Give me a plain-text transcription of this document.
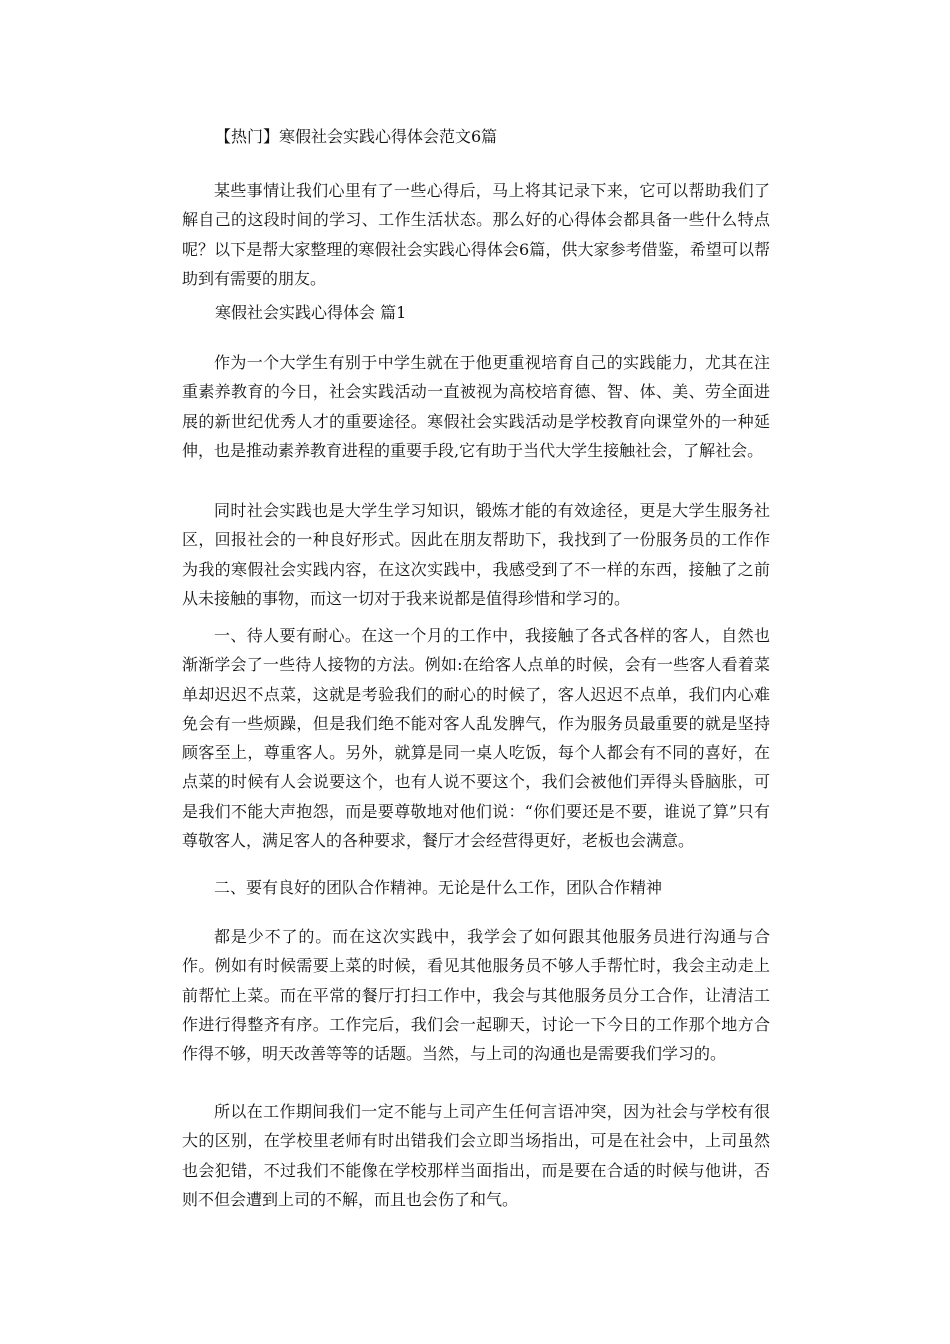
【热门】寒假社会实践心得体会范文6篇

某些事情让我们心里有了一些心得后，马上将其记录下来，它可以帮助我们了解自己的这段时间的学习、工作生活状态。那么好的心得体会都具备一些什么特点呢？以下是帮大家整理的寒假社会实践心得体会6篇，供大家参考借鉴，希望可以帮助到有需要的朋友。

寒假社会实践心得体会 篇1

作为一个大学生有别于中学生就在于他更重视培育自己的实践能力，尤其在注重素养教育的今日，社会实践活动一直被视为高校培育德、智、体、美、劳全面进展的新世纪优秀人才的重要途径。寒假社会实践活动是学校教育向课堂外的一种延伸，也是推动素养教育进程的重要手段,它有助于当代大学生接触社会，了解社会。

同时社会实践也是大学生学习知识，锻炼才能的有效途径，更是大学生服务社区，回报社会的一种良好形式。因此在朋友帮助下，我找到了一份服务员的工作作为我的寒假社会实践内容，在这次实践中，我感受到了不一样的东西，接触了之前从未接触的事物，而这一切对于我来说都是值得珍惜和学习的。

一、待人要有耐心。在这一个月的工作中，我接触了各式各样的客人，自然也渐渐学会了一些待人接物的方法。例如:在给客人点单的时候，会有一些客人看着菜单却迟迟不点菜，这就是考验我们的耐心的时候了，客人迟迟不点单，我们内心难免会有一些烦躁，但是我们绝不能对客人乱发脾气，作为服务员最重要的就是坚持顾客至上，尊重客人。另外，就算是同一桌人吃饭，每个人都会有不同的喜好，在点菜的时候有人会说要这个，也有人说不要这个，我们会被他们弄得头昏脑胀，可是我们不能大声抱怨，而是要尊敬地对他们说：“你们要还是不要，谁说了算”只有尊敬客人，满足客人的各种要求，餐厅才会经营得更好，老板也会满意。

二、要有良好的团队合作精神。无论是什么工作，团队合作精神

都是少不了的。而在这次实践中，我学会了如何跟其他服务员进行沟通与合作。例如有时候需要上菜的时候，看见其他服务员不够人手帮忙时，我会主动走上前帮忙上菜。而在平常的餐厅打扫工作中，我会与其他服务员分工合作，让清洁工作进行得整齐有序。工作完后，我们会一起聊天，讨论一下今日的工作那个地方合作得不够，明天改善等等的话题。当然，与上司的沟通也是需要我们学习的。

所以在工作期间我们一定不能与上司产生任何言语冲突，因为社会与学校有很大的区别，在学校里老师有时出错我们会立即当场指出，可是在社会中，上司虽然也会犯错，不过我们不能像在学校那样当面指出，而是要在合适的时候与他讲，否则不但会遭到上司的不解，而且也会伤了和气。
